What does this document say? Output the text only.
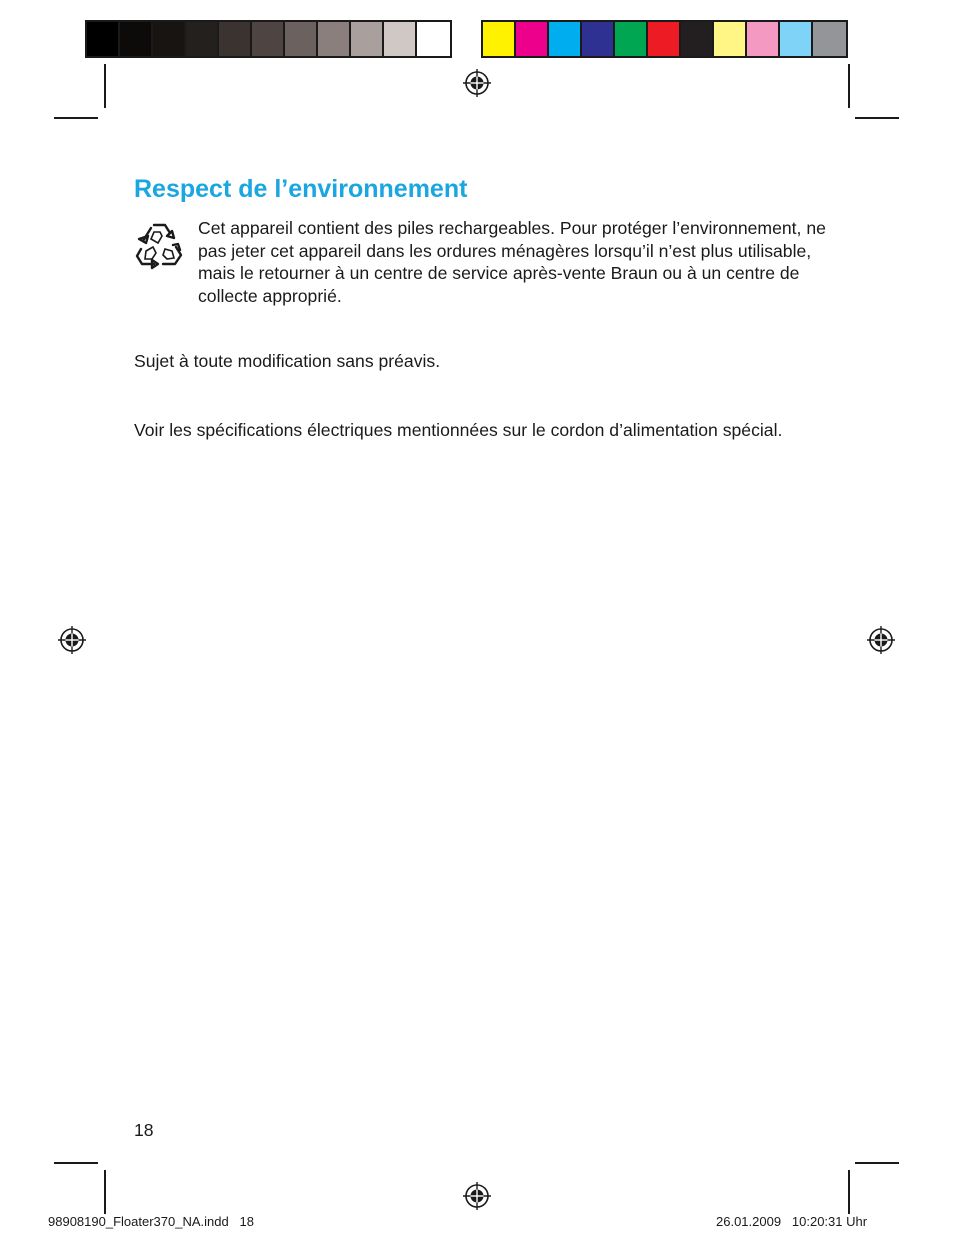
Respect de l’environnement

Cet appareil contient des piles rechargeables. Pour protéger l’environnement, ne pas jeter cet appareil dans les ordures ménagères lorsqu’il n’est plus utilisable, mais le retourner à un centre de service après-vente Braun ou à un centre de collecte approprié.

Sujet à toute modification sans préavis.

Voir les spécifications électriques mentionnées sur le cordon d’alimentation spécial.

18
98908190_Floater370_NA.indd   18	26.01.2009   10:20:31 Uhr
